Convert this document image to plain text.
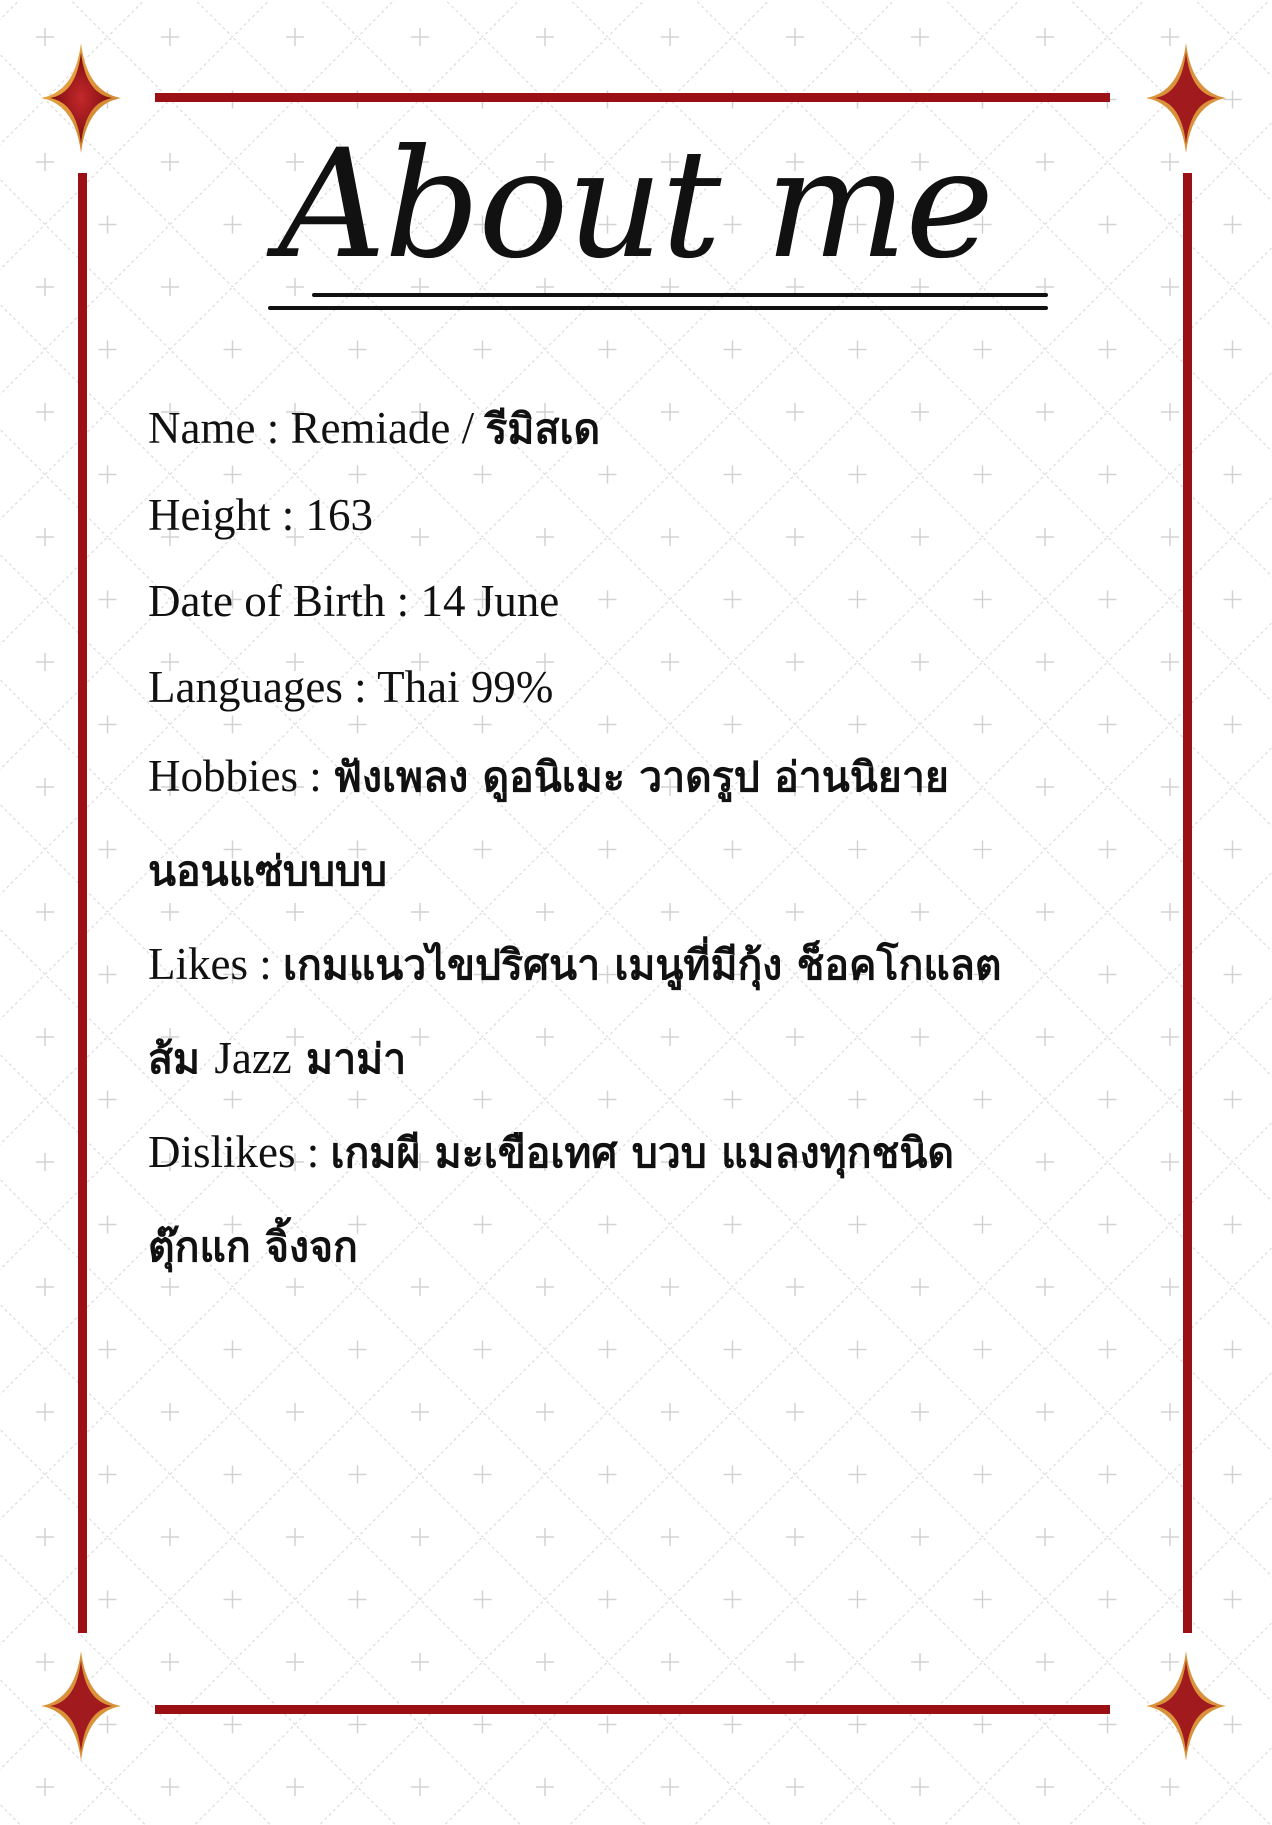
About me
Name : Remiade / รีมิสเด
Height : 163
Date of Birth : 14 June
Languages : Thai 99%
Hobbies : ฟังเพลง ดูอนิเมะ วาดรูป อ่านนิยาย
นอนแซ่บบบบ
Likes : เกมแนวไขปริศนา เมนูที่มีกุ้ง ช็อคโกแลต
ส้ม Jazz มาม่า
Dislikes : เกมผี มะเขือเทศ บวบ แมลงทุกชนิด
ตุ๊กแก จิ้งจก
